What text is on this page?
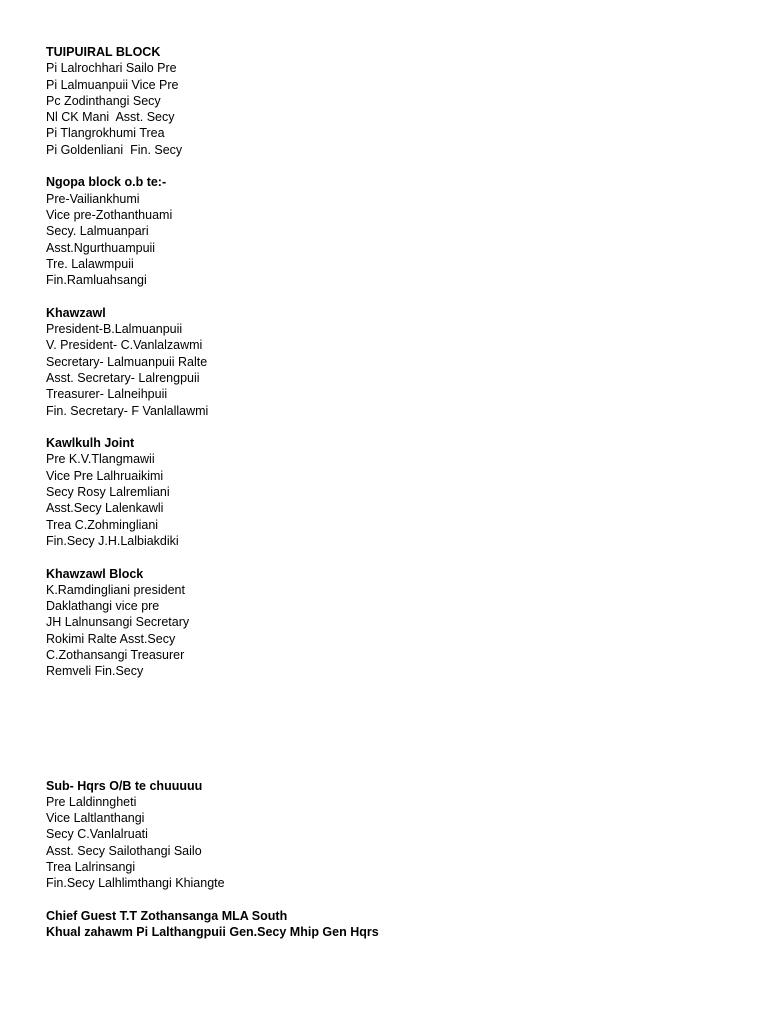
TUIPUIRAL BLOCK
Pi Lalrochhari Sailo Pre
Pi Lalmuanpuii Vice Pre
Pc Zodinthangi Secy
Nl CK Mani  Asst. Secy
Pi Tlangrokhumi Trea
Pi Goldenliani  Fin. Secy
Ngopa block o.b te:-
Pre-Vailiankhumi
Vice pre-Zothanthuami
Secy. Lalmuanpari
Asst.Ngurthuampuii
Tre. Lalawmpuii
Fin.Ramluahsangi
Khawzawl
President-B.Lalmuanpuii
V. President- C.Vanlalzawmi
Secretary- Lalmuanpuii Ralte
Asst. Secretary- Lalrengpuii
Treasurer- Lalneihpuii
Fin. Secretary- F Vanlallawmi
Kawlkulh Joint
Pre K.V.Tlangmawii
Vice Pre Lalhruaikimi
Secy Rosy Lalremliani
Asst.Secy Lalenkawli
Trea C.Zohmingliani
Fin.Secy J.H.Lalbiakdiki
Khawzawl Block
K.Ramdingliani president
Daklathangi vice pre
JH Lalnunsangi Secretary
Rokimi Ralte Asst.Secy
C.Zothansangi Treasurer
Remveli Fin.Secy
Sub- Hqrs O/B te chuuuuu
Pre Laldinngheti
Vice Laltlanthangi
Secy C.Vanlalruati
Asst. Secy Sailothangi Sailo
Trea Lalrinsangi
Fin.Secy Lalhlimthangi Khiangte
Chief Guest T.T Zothansanga MLA South
Khual zahawm Pi Lalthangpuii Gen.Secy Mhip Gen Hqrs
